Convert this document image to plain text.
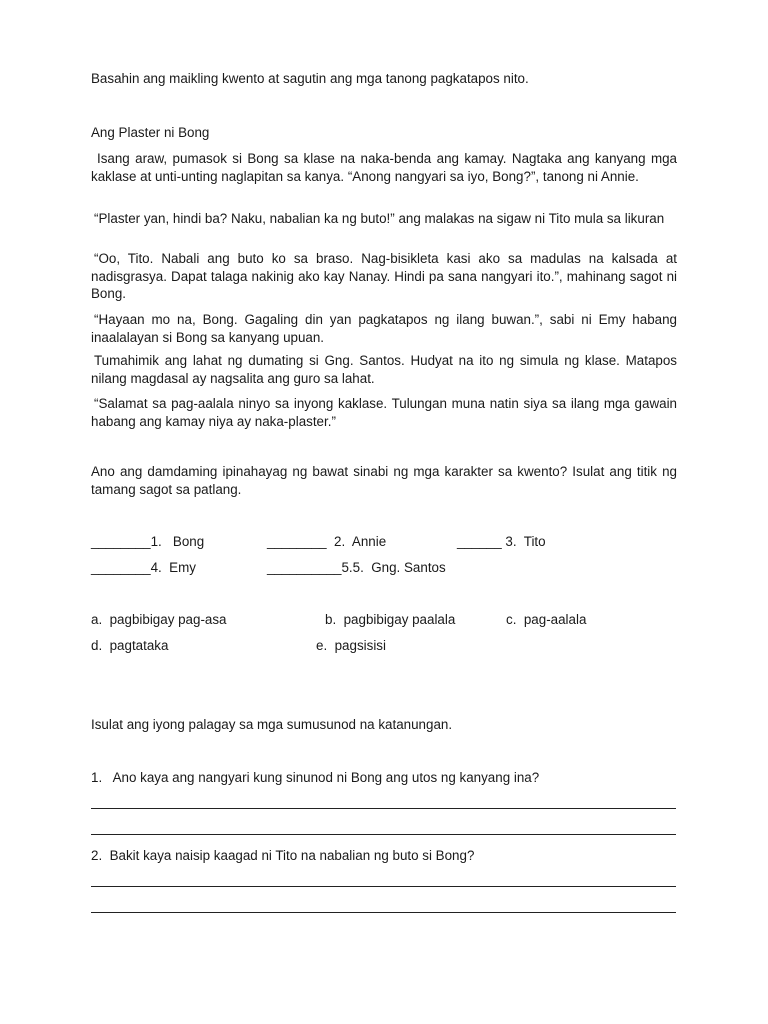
Basahin ang maikling kwento at sagutin ang mga tanong pagkatapos nito.
Ang Plaster ni Bong
Isang araw, pumasok si Bong sa klase na naka-benda ang kamay. Nagtaka ang kanyang mga kaklase at unti-unting naglapitan sa kanya. “Anong nangyari sa iyo, Bong?”, tanong ni Annie.
“Plaster yan, hindi ba? Naku, nabalian ka ng buto!” ang malakas na sigaw ni Tito mula sa likuran
“Oo, Tito. Nabali ang buto ko sa braso. Nag-bisikleta kasi ako sa madulas na kalsada at nadisgrasya. Dapat talaga nakinig ako kay Nanay. Hindi pa sana nangyari ito.”, mahinang sagot ni Bong.
“Hayaan mo na, Bong. Gagaling din yan pagkatapos ng ilang buwan.”, sabi ni Emy habang inaalalayan si Bong sa kanyang upuan.
Tumahimik ang lahat ng dumating si Gng. Santos. Hudyat na ito ng simula ng klase. Matapos nilang magdasal ay nagsalita ang guro sa lahat.
“Salamat sa pag-aalala ninyo sa inyong kaklase. Tulungan muna natin siya sa ilang mga gawain habang ang kamay niya ay naka-plaster.”
Ano ang damdaming ipinahayag ng bawat sinabi ng mga karakter sa kwento? Isulat ang titik ng tamang sagot sa patlang.
________1.   Bong	________  2.  Annie	______ 3.  Tito
________4.  Emy	__________5.5.  Gng. Santos
a.  pagbibigay pag-asa	b.  pagbibigay paalala	c.  pag-aalala
d.  pagtataka	e.  pagsisisi
Isulat ang iyong palagay sa mga sumusunod na katanungan.
1.   Ano kaya ang nangyari kung sinunod ni Bong ang utos ng kanyang ina?
2.  Bakit kaya naisip kaagad ni Tito na nabalian ng buto si Bong?
